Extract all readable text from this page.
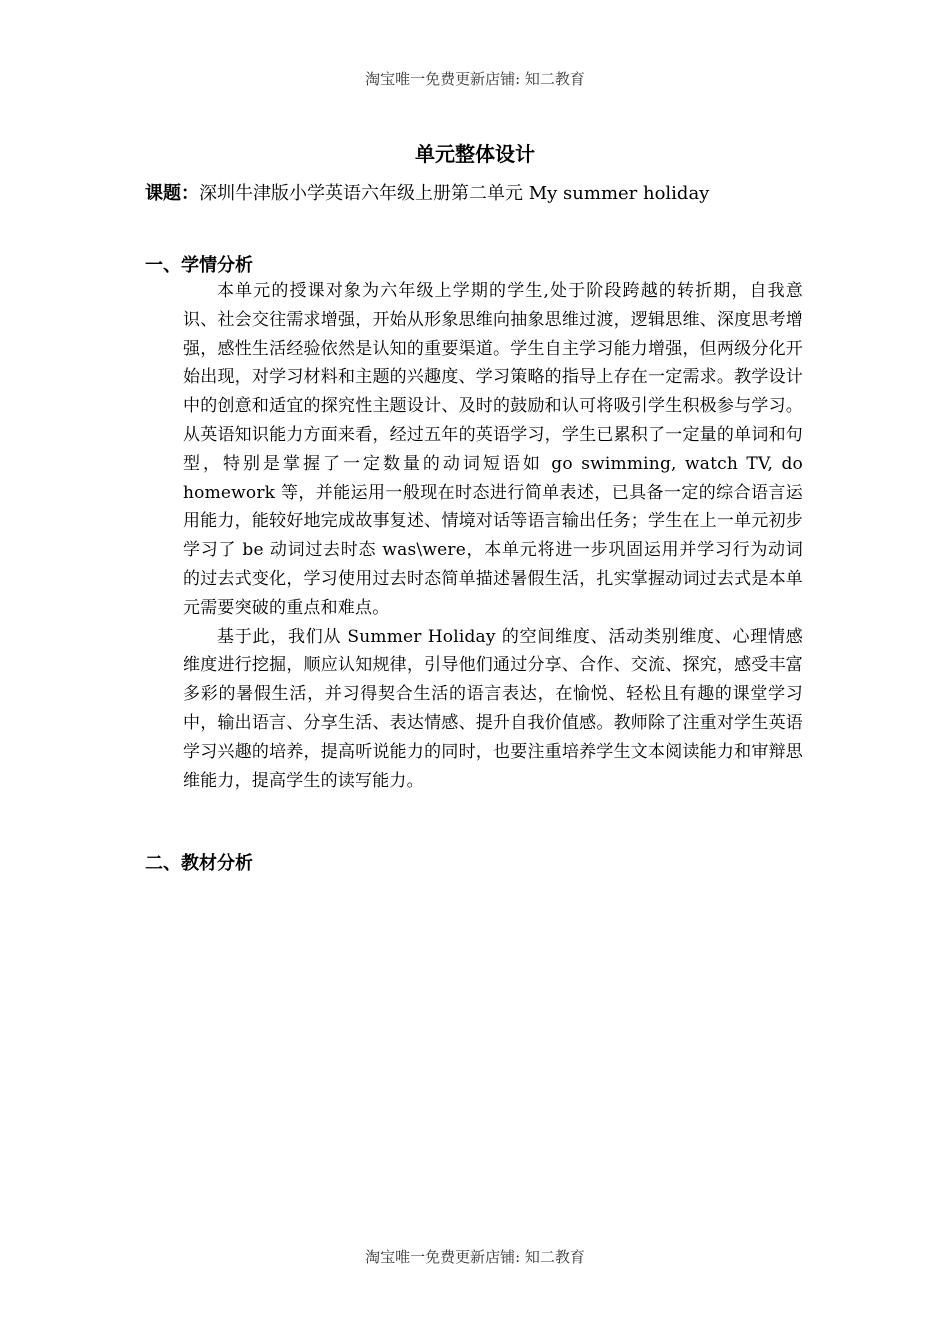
淘宝唯一免费更新店铺: 知二教育
单元整体设计
课题：深圳牛津版小学英语六年级上册第二单元 My summer holiday
一、学情分析

本单元的授课对象为六年级上学期的学生,处于阶段跨越的转折期，自我意识、社会交往需求增强，开始从形象思维向抽象思维过渡，逻辑思维、深度思考增强，感性生活经验依然是认知的重要渠道。学生自主学习能力增强，但两级分化开始出现，对学习材料和主题的兴趣度、学习策略的指导上存在一定需求。教学设计中的创意和适宜的探究性主题设计、及时的鼓励和认可将吸引学生积极参与学习。从英语知识能力方面来看，经过五年的英语学习，学生已累积了一定量的单词和句型，特别是掌握了一定数量的动词短语如 go swimming, watch TV, do homework 等，并能运用一般现在时态进行简单表述，已具备一定的综合语言运用能力，能较好地完成故事复述、情境对话等语言输出任务；学生在上一单元初步学习了 be 动词过去时态 was\were，本单元将进一步巩固运用并学习行为动词的过去式变化，学习使用过去时态简单描述暑假生活，扎实掌握动词过去式是本单元需要突破的重点和难点。

基于此，我们从 Summer Holiday 的空间维度、活动类别维度、心理情感维度进行挖掘，顺应认知规律，引导他们通过分享、合作、交流、探究，感受丰富多彩的暑假生活，并习得契合生活的语言表达，在愉悦、轻松且有趣的课堂学习中，输出语言、分享生活、表达情感、提升自我价值感。教师除了注重对学生英语学习兴趣的培养，提高听说能力的同时，也要注重培养学生文本阅读能力和审辩思维能力，提高学生的读写能力。

二、教材分析
淘宝唯一免费更新店铺: 知二教育
